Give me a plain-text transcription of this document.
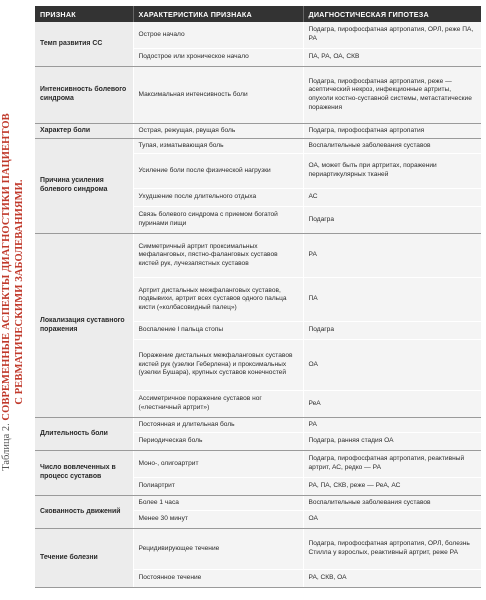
Таблица 2. СОВРЕМЕННЫЕ АСПЕКТЫ ДИАГНОСТИКИ ПАЦИЕНТОВ С РЕВМАТИЧЕСКИМИ ЗАБОЛЕВАНИЯМИ.
ПРИЗНАК	ХАРАКТЕРИСТИКА ПРИЗНАКА	ДИАГНОСТИЧЕСКАЯ ГИПОТЕЗА
Темп развития СС	Острое начало	Подагра, пирофосфатная артропатия, ОРЛ, реже ПА, РА
	Подострое или хроническое начало	ПА, РА, ОА, СКВ
Интенсивность болевого синдрома	Максимальная интенсивность боли	Подагра, пирофосфатная артропатия, реже — асептический некроз, инфекционные артриты, опухоли костно-суставной системы, метастатические поражения
Характер боли	Острая, режущая, рвущая боль	Подагра, пирофосфатная артропатия
Причина усиления болевого синдрома	Тупая, изматывающая боль	Воспалительные заболевания суставов
	Усиление боли после физической нагрузки	ОА, может быть при артритах, поражении периартикулярных тканей
	Ухудшение после длительного отдыха	АС
	Связь болевого синдрома с приемом богатой пуринами пищи	Подагра
Локализация суставного поражения	Симметричный артрит проксимальных мефаланговых, пястно-фаланговых суставов кистей рук, лучезапястных суставов	РА
	Артрит дистальных межфаланговых суставов, подвывихи, артрит всех суставов одного пальца кисти («колбасовидный палец»)	ПА
	Воспаление I пальца стопы	Подагра
	Поражение дистальных межфаланговых суставов кистей рук (узелки Геберлена) и проксимальных (узелки Бушара), крупных суставов конечностей	ОА
	Ассиметричное поражение суставов ног («лестничный артрит»)	РеА
Длительность боли	Постоянная и длительная боль	РА
	Периодическая боль	Подагра, ранняя стадия ОА
Число вовлеченных в процесс суставов	Моно-, олигоартрит	Подагра, пирофосфатная артропатия, реактивный артрит, АС, редко — РА
	Полиартрит	РА, ПА, СКВ, реже — РеА, АС
Скованность движений	Более 1 часа	Воспалительные заболевания суставов
	Менее 30 минут	ОА
Течение болезни	Рецидивирующее течение	Подагра, пирофосфатная артропатия, ОРЛ, болезнь Стилла у взрослых, реактивный артрит, реже РА
	Постоянное течение	РА, СКВ, ОА
